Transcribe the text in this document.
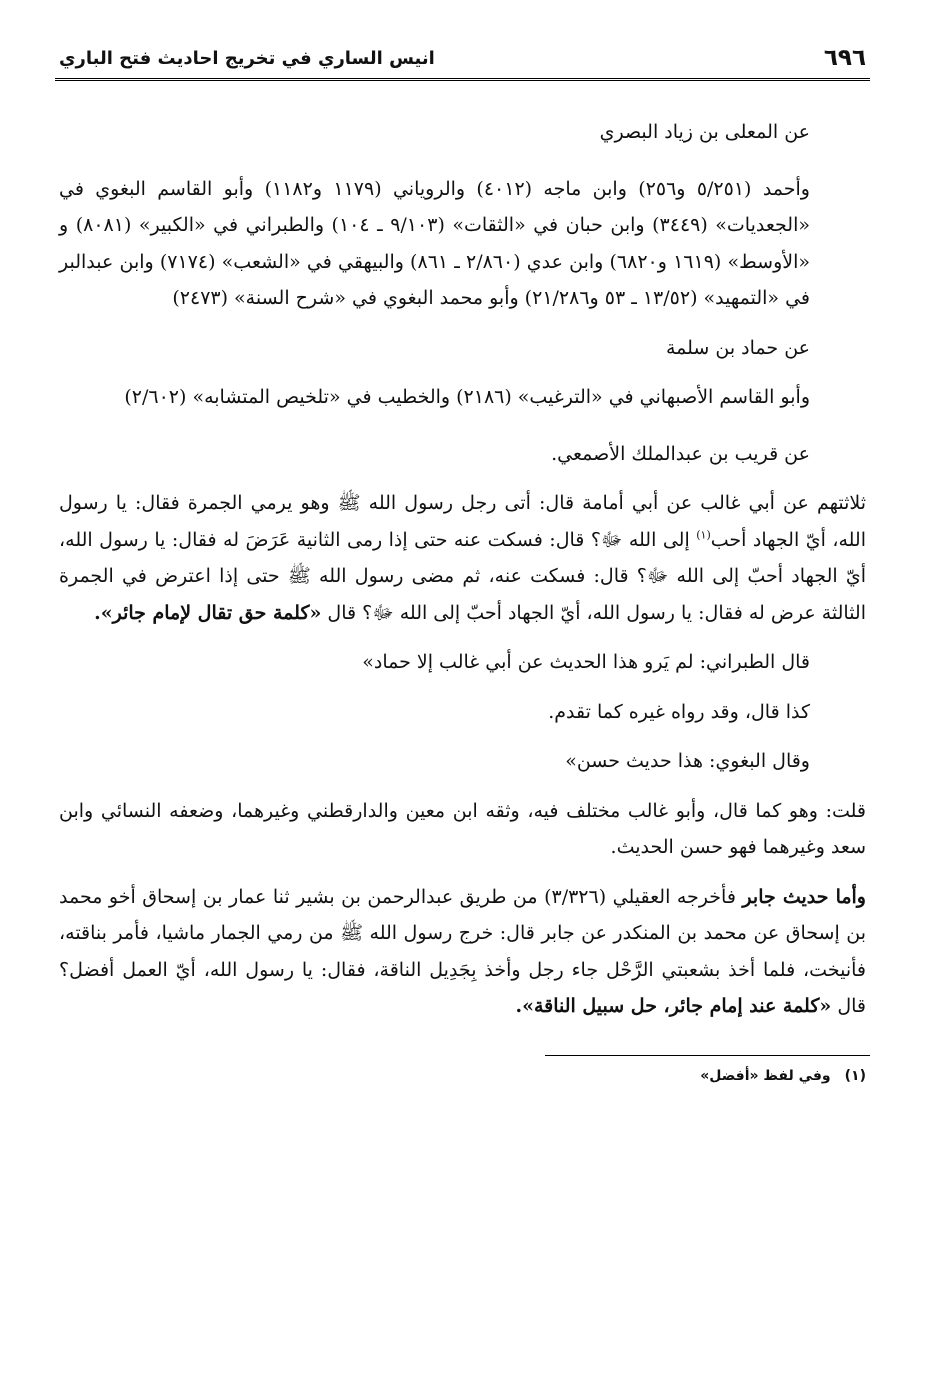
٦٩٦
انيس الساري في تخريج احاديث فتح الباري

عن المعلى بن زياد البصري

وأحمد (٥/٢٥١ و٢٥٦) وابن ماجه (٤٠١٢) والروياني (١١٧٩ و١١٨٢) وأبو القاسم البغوي في «الجعديات» (٣٤٤٩) وابن حبان في «الثقات» (٩/١٠٣ ـ ١٠٤) والطبراني في «الكبير» (٨٠٨١) و «الأوسط» (١٦١٩ و٦٨٢٠) وابن عدي (٢/٨٦٠ ـ ٨٦١) والبيهقي في «الشعب» (٧١٧٤) وابن عبدالبر في «التمهيد» (١٣/٥٢ ـ ٥٣ و٢١/٢٨٦) وأبو محمد البغوي في «شرح السنة» (٢٤٧٣)

عن حماد بن سلمة

وأبو القاسم الأصبهاني في «الترغيب» (٢١٨٦) والخطيب في «تلخيص المتشابه» (٢/٦٠٢)

عن قريب بن عبدالملك الأصمعي.

ثلاثتهم عن أبي غالب عن أبي أمامة قال: أتى رجل رسول الله ﷺ وهو يرمي الجمرة فقال: يا رسول الله، أيّ الجهاد أحب$^{(١)}$ إلى الله ﷻ؟ قال: فسكت عنه حتى إذا رمى الثانية عَرَضَ له فقال: يا رسول الله، أيّ الجهاد أحبّ إلى الله ﷻ؟ قال: فسكت عنه، ثم مضى رسول الله ﷺ حتى إذا اعترض في الجمرة الثالثة عرض له فقال: يا رسول الله، أيّ الجهاد أحبّ إلى الله ﷻ؟ قال «كلمة حق تقال لإمام جائر».

قال الطبراني: لم يَرو هذا الحديث عن أبي غالب إلا حماد»

كذا قال، وقد رواه غيره كما تقدم.

وقال البغوي: هذا حديث حسن»

قلت: وهو كما قال، وأبو غالب مختلف فيه، وثقه ابن معين والدارقطني وغيرهما، وضعفه النسائي وابن سعد وغيرهما فهو حسن الحديث.

وأما حديث جابر فأخرجه العقيلي (٣/٣٢٦) من طريق عبدالرحمن بن بشير ثنا عمار بن إسحاق أخو محمد بن إسحاق عن محمد بن المنكدر عن جابر قال: خرج رسول الله ﷺ من رمي الجمار ماشيا، فأمر بناقته، فأنيخت، فلما أخذ بشعبتي الرَّحْل جاء رجل وأخذ بِجَدِيل الناقة، فقال: يا رسول الله، أيّ العمل أفضل؟ قال «كلمة عند إمام جائر، حل سبيل الناقة».

(١)وفي لفظ «أفضل»
